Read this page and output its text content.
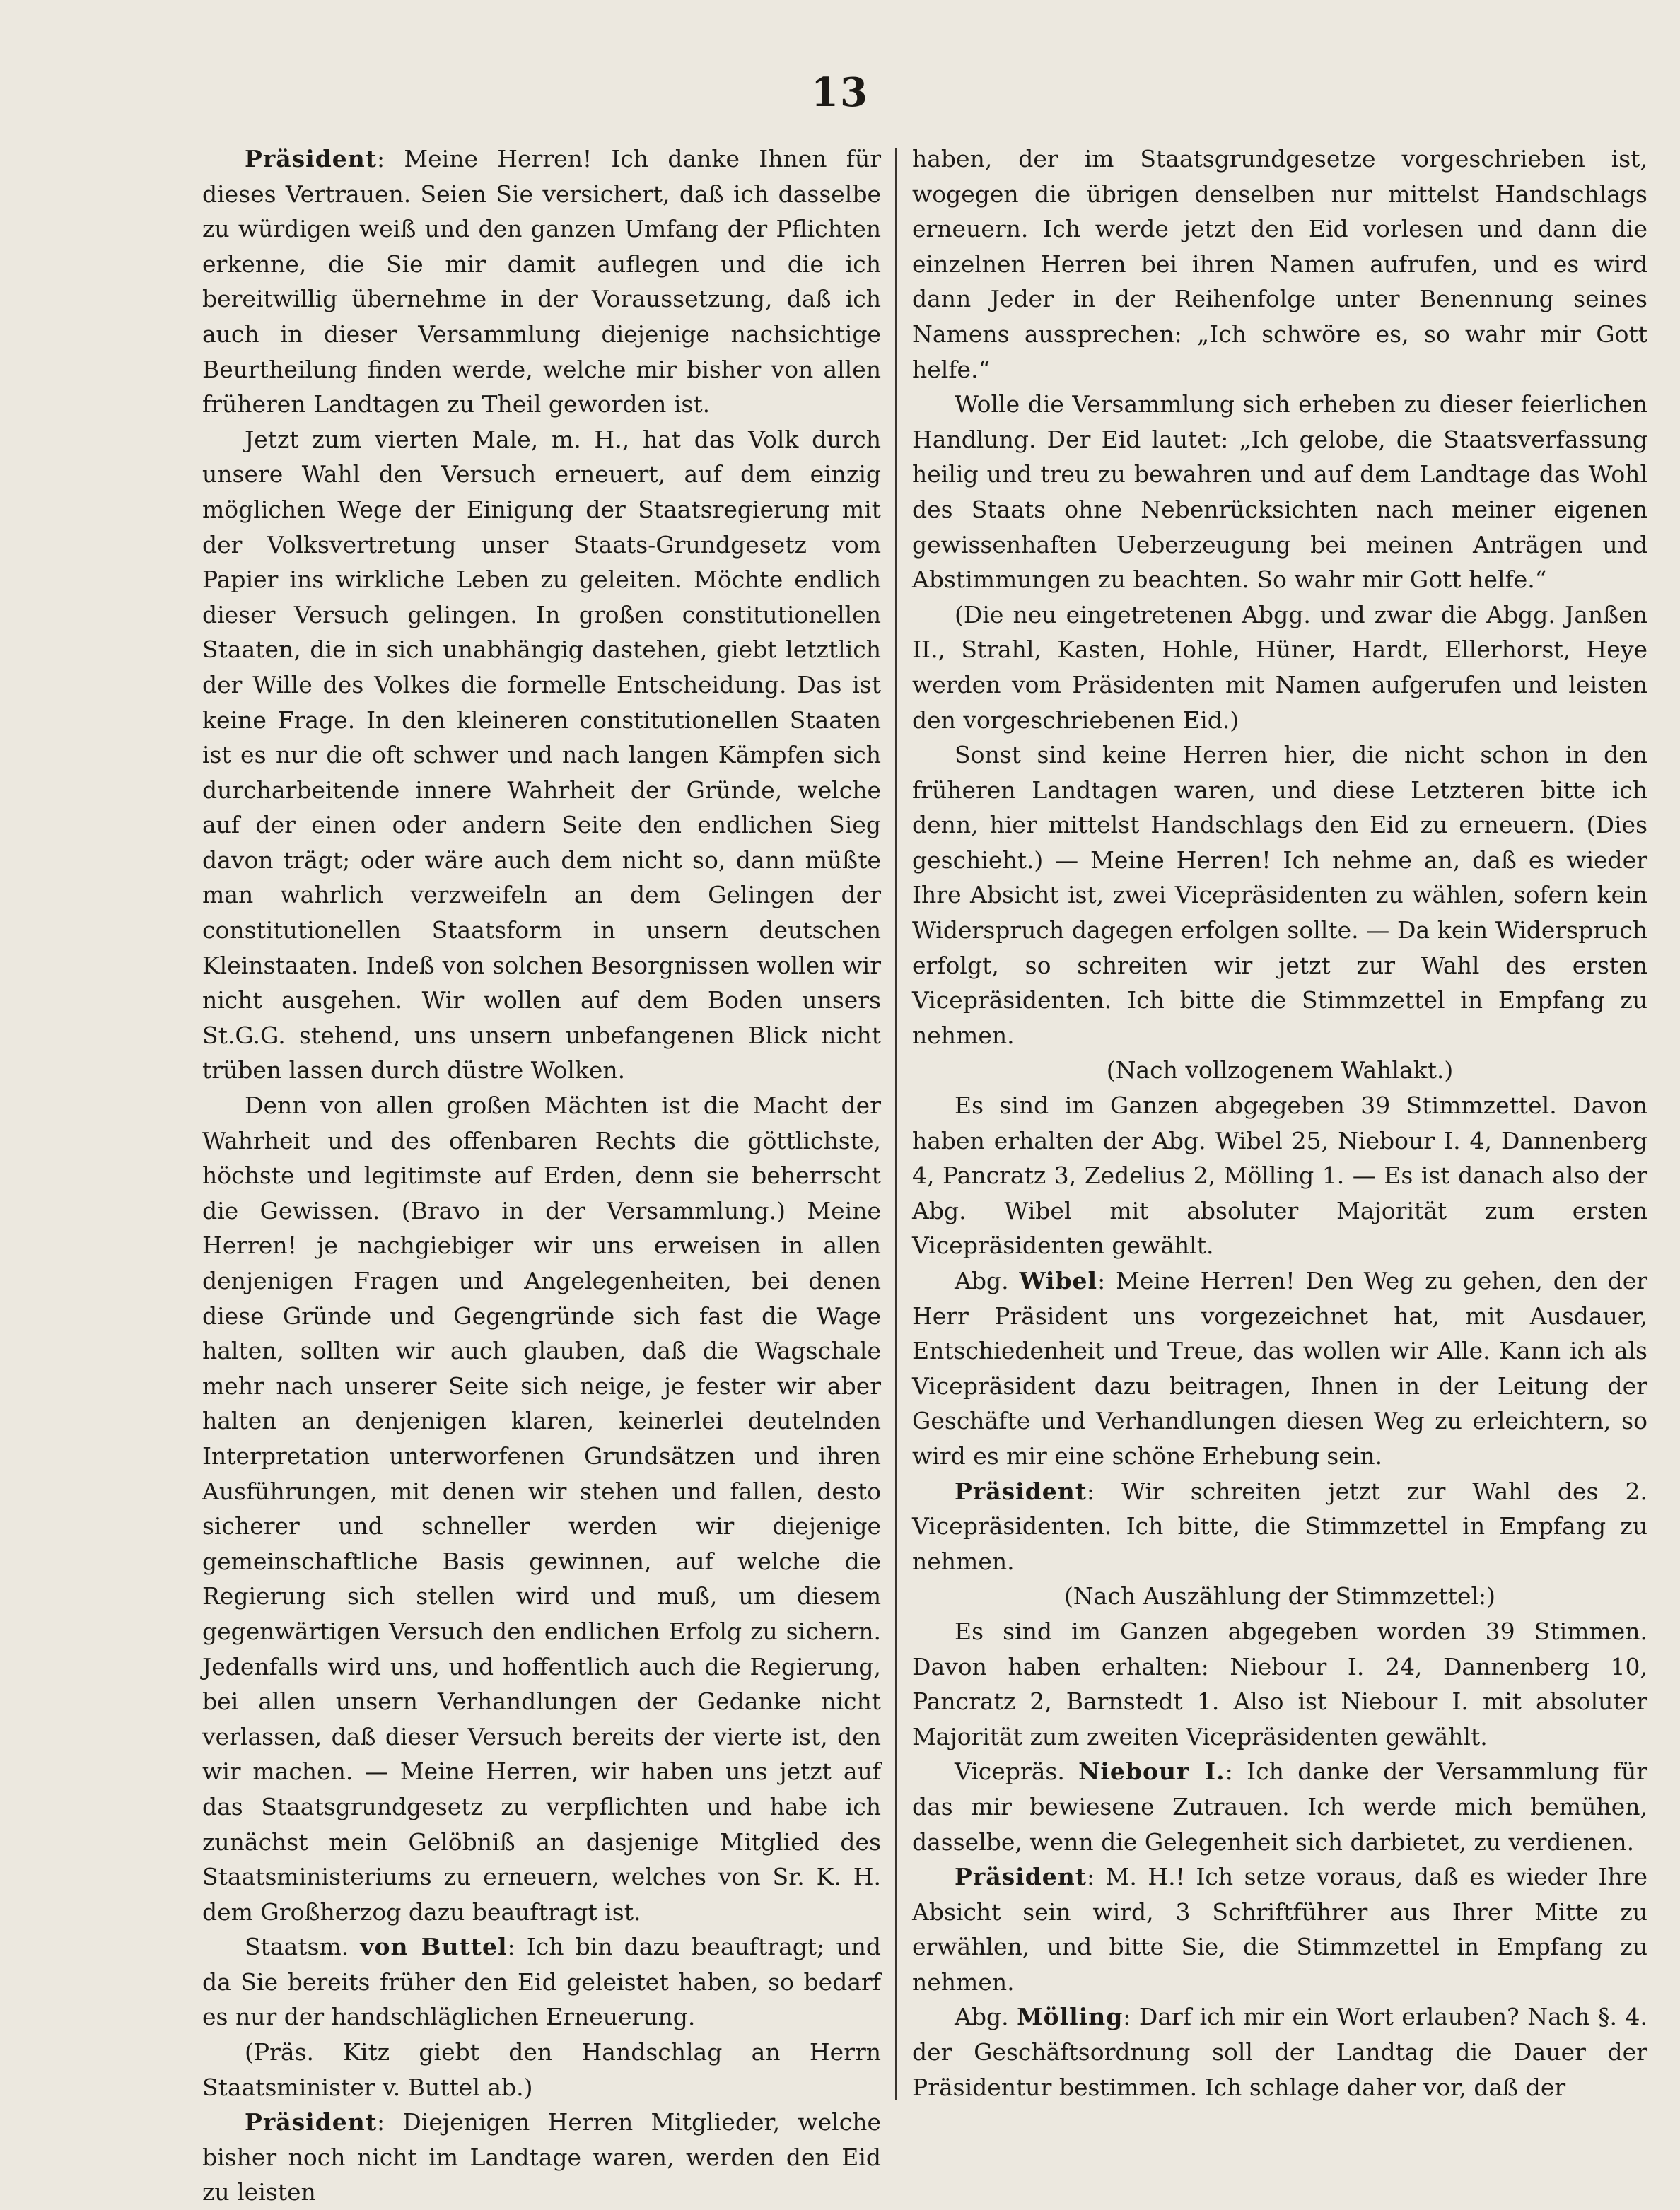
13

Präsident: Meine Herren! Ich danke Ihnen für dieses Vertrauen. Seien Sie versichert, daß ich dasselbe zu würdigen weiß und den ganzen Umfang der Pflichten erkenne, die Sie mir damit auflegen und die ich bereitwillig übernehme in der Voraussetzung, daß ich auch in dieser Versammlung diejenige nachsichtige Beurtheilung finden werde, welche mir bisher von allen früheren Landtagen zu Theil geworden ist.

Jetzt zum vierten Male, m. H., hat das Volk durch unsere Wahl den Versuch erneuert, auf dem einzig möglichen Wege der Einigung der Staatsregierung mit der Volksvertretung unser Staats-Grundgesetz vom Papier ins wirkliche Leben zu geleiten. Möchte endlich dieser Versuch gelingen. In großen constitutionellen Staaten, die in sich unabhängig dastehen, giebt letztlich der Wille des Volkes die formelle Entscheidung. Das ist keine Frage. In den kleineren constitutionellen Staaten ist es nur die oft schwer und nach langen Kämpfen sich durcharbeitende innere Wahrheit der Gründe, welche auf der einen oder andern Seite den endlichen Sieg davon trägt; oder wäre auch dem nicht so, dann müßte man wahrlich verzweifeln an dem Gelingen der constitutionellen Staatsform in unsern deutschen Kleinstaaten. Indeß von solchen Besorgnissen wollen wir nicht ausgehen. Wir wollen auf dem Boden unsers St.G.G. stehend, uns unsern unbefangenen Blick nicht trüben lassen durch düstre Wolken.

Denn von allen großen Mächten ist die Macht der Wahrheit und des offenbaren Rechts die göttlichste, höchste und legitimste auf Erden, denn sie beherrscht die Gewissen. (Bravo in der Versammlung.) Meine Herren! je nachgiebiger wir uns erweisen in allen denjenigen Fragen und Angelegenheiten, bei denen diese Gründe und Gegengründe sich fast die Wage halten, sollten wir auch glauben, daß die Wagschale mehr nach unserer Seite sich neige, je fester wir aber halten an denjenigen klaren, keinerlei deutelnden Interpretation unterworfenen Grundsätzen und ihren Ausführungen, mit denen wir stehen und fallen, desto sicherer und schneller werden wir diejenige gemeinschaftliche Basis gewinnen, auf welche die Regierung sich stellen wird und muß, um diesem gegenwärtigen Versuch den endlichen Erfolg zu sichern. Jedenfalls wird uns, und hoffentlich auch die Regierung, bei allen unsern Verhandlungen der Gedanke nicht verlassen, daß dieser Versuch bereits der vierte ist, den wir machen. — Meine Herren, wir haben uns jetzt auf das Staatsgrundgesetz zu verpflichten und habe ich zunächst mein Gelöbniß an dasjenige Mitglied des Staatsministeriums zu erneuern, welches von Sr. K. H. dem Großherzog dazu beauftragt ist.

Staatsm. von Buttel: Ich bin dazu beauftragt; und da Sie bereits früher den Eid geleistet haben, so bedarf es nur der handschläglichen Erneuerung.

(Präs. Kitz giebt den Handschlag an Herrn Staatsminister v. Buttel ab.)

Präsident: Diejenigen Herren Mitglieder, welche bisher noch nicht im Landtage waren, werden den Eid zu leisten

haben, der im Staatsgrundgesetze vorgeschrieben ist, wogegen die übrigen denselben nur mittelst Handschlags erneuern. Ich werde jetzt den Eid vorlesen und dann die einzelnen Herren bei ihren Namen aufrufen, und es wird dann Jeder in der Reihenfolge unter Benennung seines Namens aussprechen: „Ich schwöre es, so wahr mir Gott helfe.“

Wolle die Versammlung sich erheben zu dieser feierlichen Handlung. Der Eid lautet: „Ich gelobe, die Staatsverfassung heilig und treu zu bewahren und auf dem Landtage das Wohl des Staats ohne Nebenrücksichten nach meiner eigenen gewissenhaften Ueberzeugung bei meinen Anträgen und Abstimmungen zu beachten. So wahr mir Gott helfe.“

(Die neu eingetretenen Abgg. und zwar die Abgg. Janßen II., Strahl, Kasten, Hohle, Hüner, Hardt, Ellerhorst, Heye werden vom Präsidenten mit Namen aufgerufen und leisten den vorgeschriebenen Eid.)

Sonst sind keine Herren hier, die nicht schon in den früheren Landtagen waren, und diese Letzteren bitte ich denn, hier mittelst Handschlags den Eid zu erneuern. (Dies geschieht.) — Meine Herren! Ich nehme an, daß es wieder Ihre Absicht ist, zwei Vicepräsidenten zu wählen, sofern kein Widerspruch dagegen erfolgen sollte. — Da kein Widerspruch erfolgt, so schreiten wir jetzt zur Wahl des ersten Vicepräsidenten. Ich bitte die Stimmzettel in Empfang zu nehmen.

(Nach vollzogenem Wahlakt.)

Es sind im Ganzen abgegeben 39 Stimmzettel. Davon haben erhalten der Abg. Wibel 25, Niebour I. 4, Dannenberg 4, Pancratz 3, Zedelius 2, Mölling 1. — Es ist danach also der Abg. Wibel mit absoluter Majorität zum ersten Vicepräsidenten gewählt.

Abg. Wibel: Meine Herren! Den Weg zu gehen, den der Herr Präsident uns vorgezeichnet hat, mit Ausdauer, Entschiedenheit und Treue, das wollen wir Alle. Kann ich als Vicepräsident dazu beitragen, Ihnen in der Leitung der Geschäfte und Verhandlungen diesen Weg zu erleichtern, so wird es mir eine schöne Erhebung sein.

Präsident: Wir schreiten jetzt zur Wahl des 2. Vicepräsidenten. Ich bitte, die Stimmzettel in Empfang zu nehmen.

(Nach Auszählung der Stimmzettel:)

Es sind im Ganzen abgegeben worden 39 Stimmen. Davon haben erhalten: Niebour I. 24, Dannenberg 10, Pancratz 2, Barnstedt 1. Also ist Niebour I. mit absoluter Majorität zum zweiten Vicepräsidenten gewählt.

Vicepräs. Niebour I.: Ich danke der Versammlung für das mir bewiesene Zutrauen. Ich werde mich bemühen, dasselbe, wenn die Gelegenheit sich darbietet, zu verdienen.

Präsident: M. H.! Ich setze voraus, daß es wieder Ihre Absicht sein wird, 3 Schriftführer aus Ihrer Mitte zu erwählen, und bitte Sie, die Stimmzettel in Empfang zu nehmen.

Abg. Mölling: Darf ich mir ein Wort erlauben? Nach §. 4. der Geschäftsordnung soll der Landtag die Dauer der Präsidentur bestimmen. Ich schlage daher vor, daß der
